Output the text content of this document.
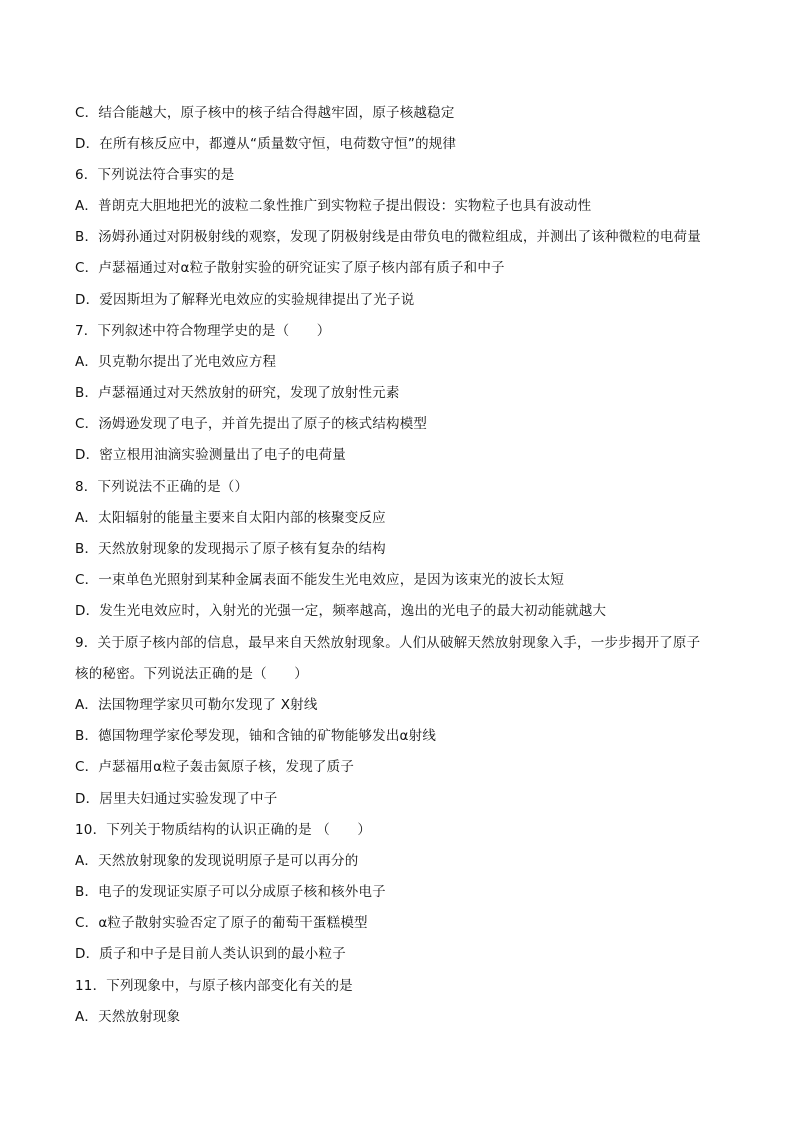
C．结合能越大，原子核中的核子结合得越牢固，原子核越稳定
D．在所有核反应中，都遵从“质量数守恒，电荷数守恒”的规律
6．下列说法符合事实的是
A．普朗克大胆地把光的波粒二象性推广到实物粒子提出假设：实物粒子也具有波动性
B．汤姆孙通过对阴极射线的观察，发现了阴极射线是由带负电的微粒组成，并测出了该种微粒的电荷量
C．卢瑟福通过对α粒子散射实验的研究证实了原子核内部有质子和中子
D．爱因斯坦为了解释光电效应的实验规律提出了光子说
7．下列叙述中符合物理学史的是（　　）
A．贝克勒尔提出了光电效应方程
B．卢瑟福通过对天然放射的研究，发现了放射性元素
C．汤姆逊发现了电子，并首先提出了原子的核式结构模型
D．密立根用油滴实验测量出了电子的电荷量
8．下列说法不正确的是（）
A．太阳辐射的能量主要来自太阳内部的核聚变反应
B．天然放射现象的发现揭示了原子核有复杂的结构
C．一束单色光照射到某种金属表面不能发生光电效应，是因为该束光的波长太短
D．发生光电效应时，入射光的光强一定，频率越高，逸出的光电子的最大初动能就越大
9．关于原子核内部的信息，最早来自天然放射现象。人们从破解天然放射现象入手，一步步揭开了原子
核的秘密。下列说法正确的是（　　）
A．法国物理学家贝可勒尔发现了 X射线
B．德国物理学家伦琴发现，铀和含铀的矿物能够发出α射线
C．卢瑟福用α粒子轰击氮原子核，发现了质子
D．居里夫妇通过实验发现了中子
10．下列关于物质结构的认识正确的是 （　　）
A．天然放射现象的发现说明原子是可以再分的
B．电子的发现证实原子可以分成原子核和核外电子
C．α粒子散射实验否定了原子的葡萄干蛋糕模型
D．质子和中子是目前人类认识到的最小粒子
11．下列现象中，与原子核内部变化有关的是
A．天然放射现象
